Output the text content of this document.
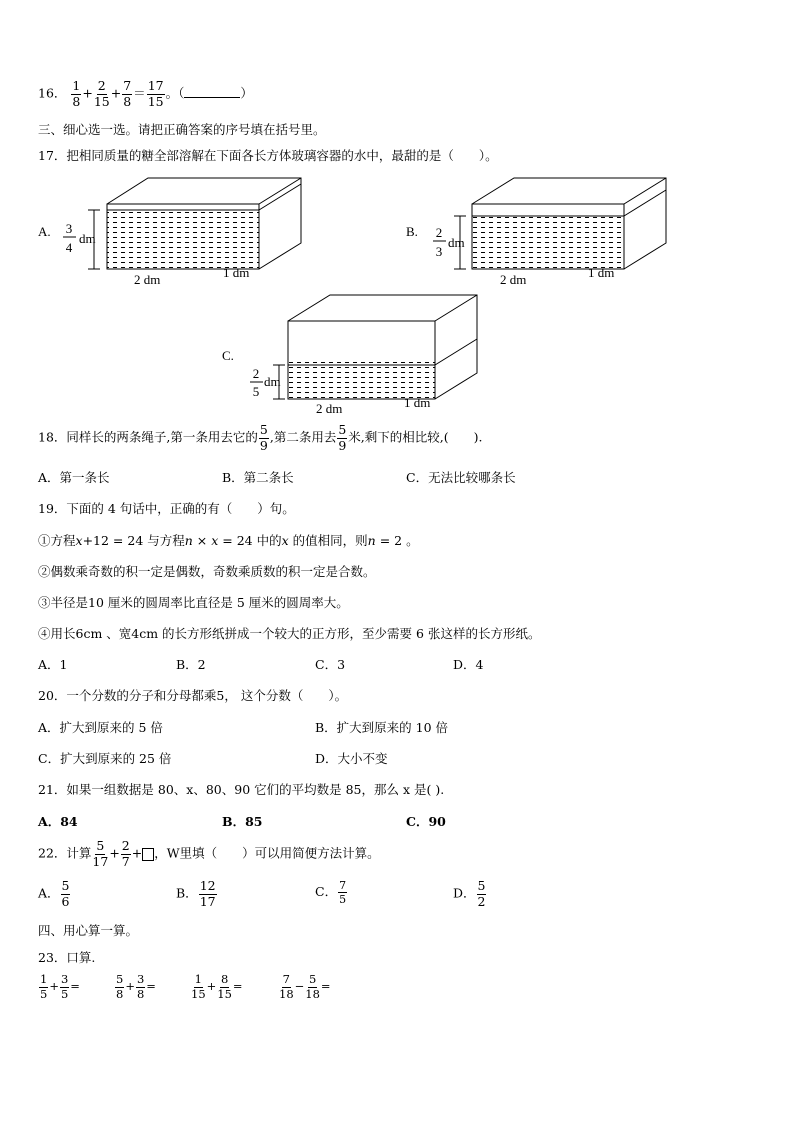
16． $\frac{1}{8} + \frac{2}{15} + \frac{7}{8} = \frac{17}{15}$ 。（	）
三、细心选一选。请把正确答案的序号填在括号里。
17．把相同质量的糖全部溶解在下面各长方体玻璃容器的水中，最甜的是（　　）。
A. 3
4
dm
2 dm	1 dm
B. 2
3
dm
2 dm	1 dm
C.
2
5
dm
2 dm	1 dm
18．同样长的两条绳子,第一条用去它的 $\frac{5}{9}$ ,第二条用去 $\frac{5}{9}$ 米,剩下的相比较,(　　).
A．第一条长	B．第二条长	C．无法比较哪条长
19．下面的 4 句话中，正确的有（　　）句。
①方程x+12 = 24 与方程n × x = 24 中的x 的值相同，则n = 2 。
②偶数乘奇数的积一定是偶数，奇数乘质数的积一定是合数。
③半径是10 厘米的圆周率比直径是 5 厘米的圆周率大。
④用长6cm 、宽4cm 的长方形纸拼成一个较大的正方形，至少需要 6 张这样的长方形纸。
A．1	B．2	C．3	D．4
20．一个分数的分子和分母都乘5， 这个分数（　　）。
A．扩大到原来的 5 倍	B．扩大到原来的 10 倍
C．扩大到原来的 25 倍	D．大小不变
21．如果一组数据是 80、x、80、90 它们的平均数是 85，那么 x 是( ).
A．84	B．85	C．90
22．计算 $\frac{5}{17} + \frac{2}{7}$ + ，W里填（　　）可以用简便方法计算。
A． $\frac{5}{6}$	B． $\frac{12}{17}$	C． $\frac{7}{5}$	D． $\frac{5}{2}$
四、用心算一算。
23．口算.
$\frac{1}{5} + \frac{3}{5}$ =	$\frac{5}{8} + \frac{3}{8}$ =	$\frac{1}{15} + \frac{8}{15}$ =	$\frac{7}{18} - \frac{5}{18}$ =
